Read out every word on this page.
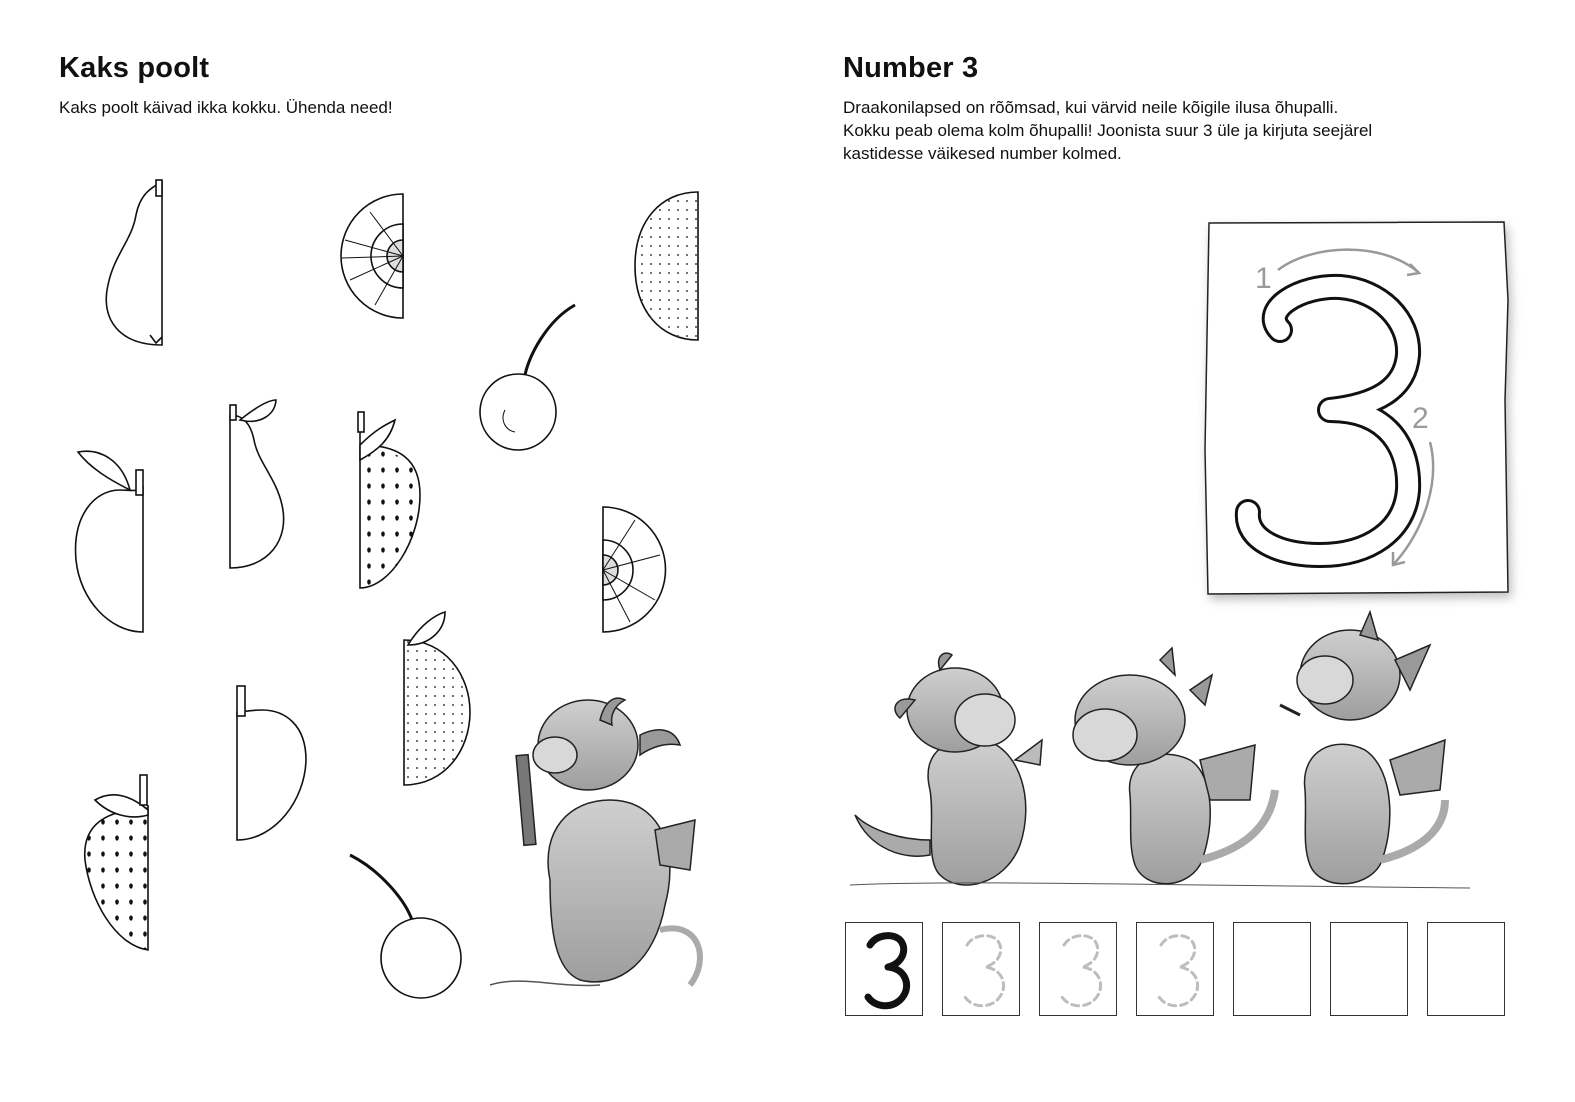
Kaks poolt

Kaks poolt käivad ikka kokku. Ühenda need!

Number 3
Draakonilapsed on rõõmsad, kui värvid neile kõigile ilusa õhupalli.
Kokku peab olema kolm õhupalli! Joonista suur 3 üle ja kirjuta seejärel
kastidesse väikesed number kolmed.
1
2
